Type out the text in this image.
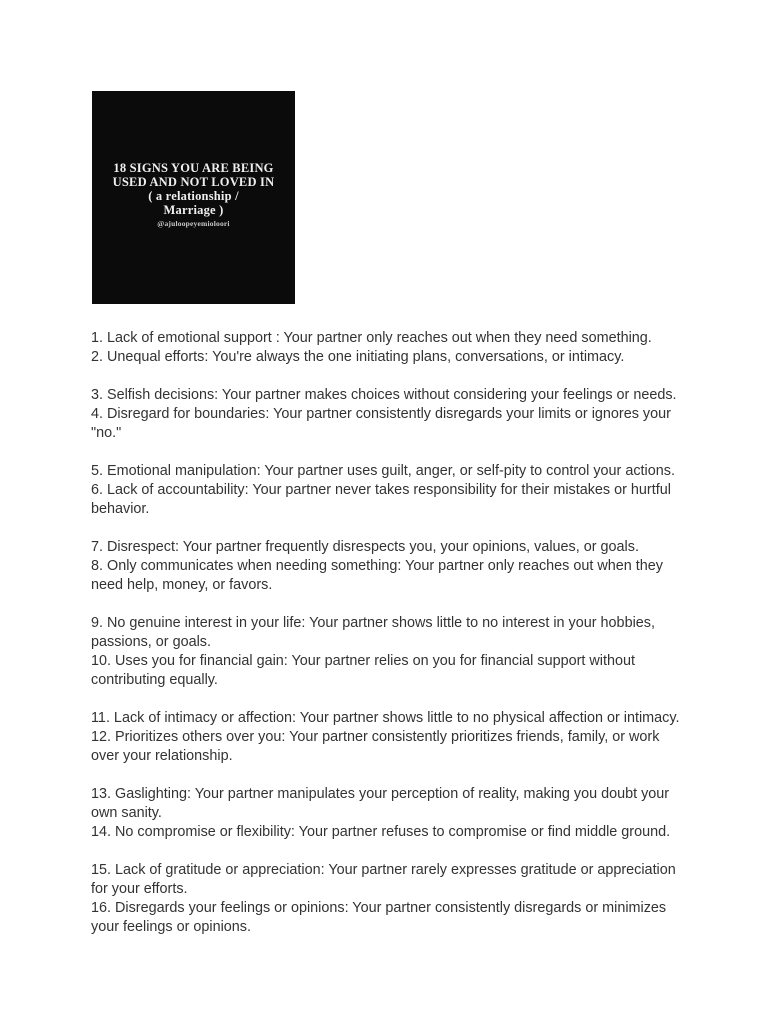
18 SIGNS YOU ARE BEING
USED AND NOT LOVED IN
( a relationship /
Marriage )
@ajuloopeyemioloori
1. Lack of emotional support : Your partner only reaches out when they need something.
2. Unequal efforts: You're always the one initiating plans, conversations, or intimacy.
3. Selfish decisions: Your partner makes choices without considering your feelings or needs.
4. Disregard for boundaries: Your partner consistently disregards your limits or ignores your "no."
5. Emotional manipulation: Your partner uses guilt, anger, or self-pity to control your actions.
6. Lack of accountability: Your partner never takes responsibility for their mistakes or hurtful behavior.
7. Disrespect: Your partner frequently disrespects you, your opinions, values, or goals.
8. Only communicates when needing something: Your partner only reaches out when they need help, money, or favors.
9. No genuine interest in your life: Your partner shows little to no interest in your hobbies, passions, or goals.
10. Uses you for financial gain: Your partner relies on you for financial support without contributing equally.
11. Lack of intimacy or affection: Your partner shows little to no physical affection or intimacy.
12. Prioritizes others over you: Your partner consistently prioritizes friends, family, or work over your relationship.
13. Gaslighting: Your partner manipulates your perception of reality, making you doubt your own sanity.
14. No compromise or flexibility: Your partner refuses to compromise or find middle ground.
15. Lack of gratitude or appreciation: Your partner rarely expresses gratitude or appreciation for your efforts.
16. Disregards your feelings or opinions: Your partner consistently disregards or minimizes your feelings or opinions.
